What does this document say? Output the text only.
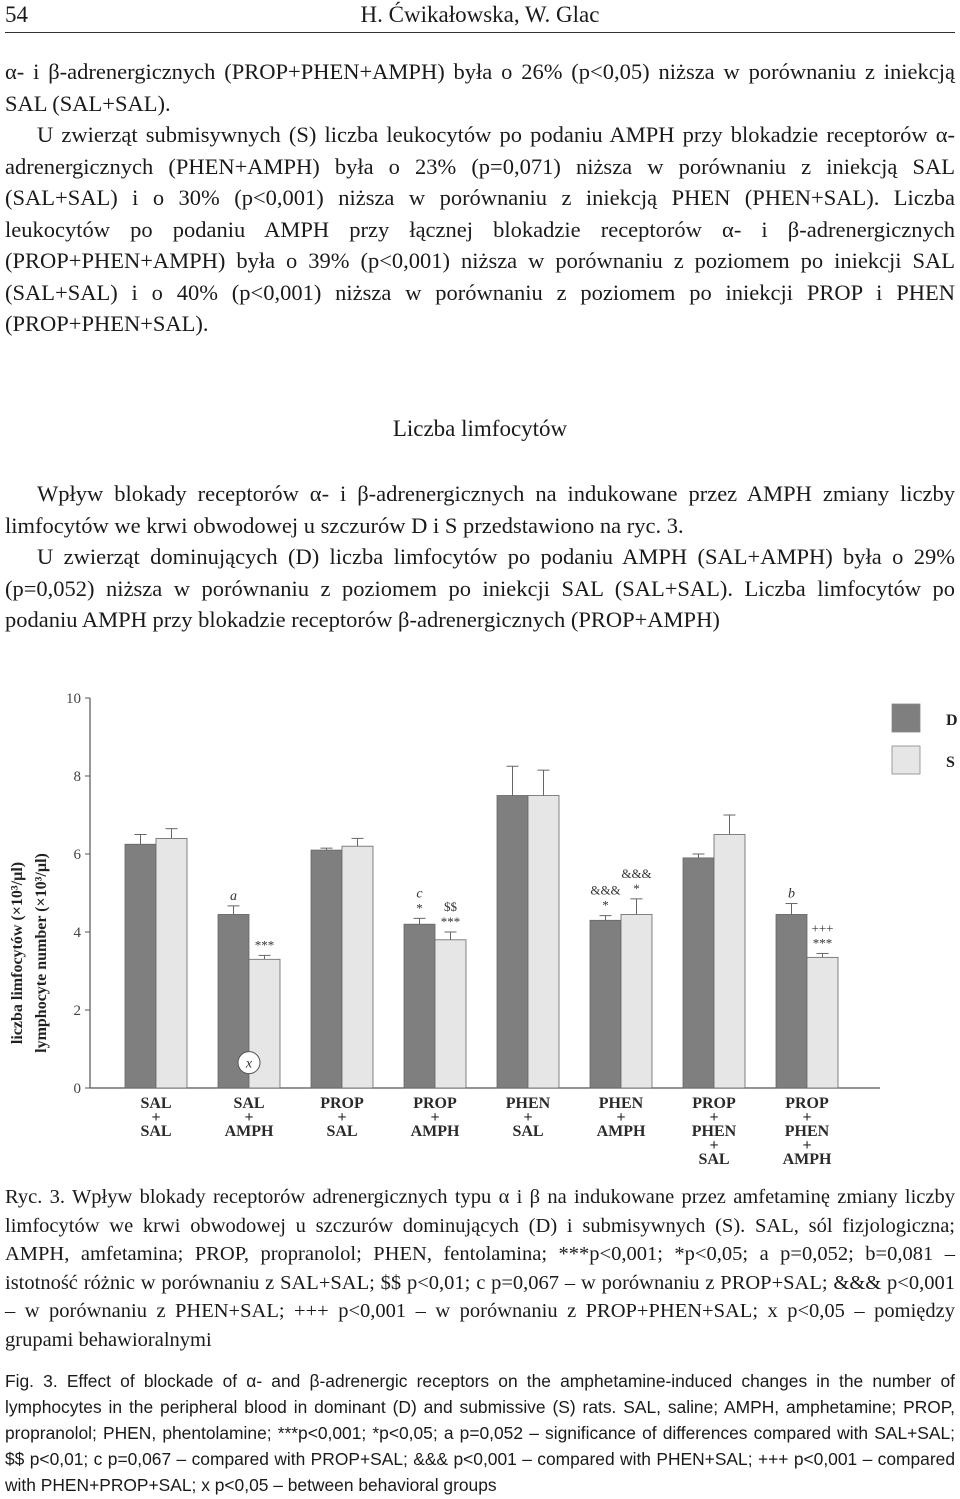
54	H. Ćwikałowska, W. Glac

α- i β-adrenergicznych (PROP+PHEN+AMPH) była o 26% (p<0,05) niższa w porównaniu z iniekcją SAL (SAL+SAL).

U zwierząt submisywnych (S) liczba leukocytów po podaniu AMPH przy blokadzie receptorów α-adrenergicznych (PHEN+AMPH) była o 23% (p=0,071) niższa w porównaniu z iniekcją SAL (SAL+SAL) i o 30% (p<0,001) niższa w porównaniu z iniekcją PHEN (PHEN+SAL). Liczba leukocytów po podaniu AMPH przy łącznej blokadzie receptorów α- i β-adrenergicznych (PROP+PHEN+AMPH) była o 39% (p<0,001) niższa w porównaniu z poziomem po iniekcji SAL (SAL+SAL) i o 40% (p<0,001) niższa w porównaniu z poziomem po iniekcji PROP i PHEN (PROP+PHEN+SAL).

Liczba limfocytów

Wpływ blokady receptorów α- i β-adrenergicznych na indukowane przez AMPH zmiany liczby limfocytów we krwi obwodowej u szczurów D i S przedstawiono na ryc. 3.

U zwierząt dominujących (D) liczba limfocytów po podaniu AMPH (SAL+AMPH) była o 29% (p=0,052) niższa w porównaniu z poziomem po iniekcji SAL (SAL+SAL). Liczba limfocytów po podaniu AMPH przy blokadzie receptorów β-adrenergicznych (PROP+AMPH)

0
2
4
6
8
10
liczba limfocytów (×10³/µl) lymphocyte number (×10³/µl)
SAL
+
SAL
a
***
SAL
+
AMPH
PROP
+
SAL
*
c
***
$$
PROP
+
AMPH
PHEN
+
SAL
*
&&& *
&&&
PHEN
+
AMPH
PROP
+
PHEN
+
SAL
b
***
+++
PROP
+
PHEN
+
AMPH
x
D
S

Ryc. 3. Wpływ blokady receptorów adrenergicznych typu α i β na indukowane przez amfetaminę zmiany liczby limfocytów we krwi obwodowej u szczurów dominujących (D) i submisywnych (S). SAL, sól fizjologiczna; AMPH, amfetamina; PROP, propranolol; PHEN, fentolamina; ***p<0,001; *p<0,05; a p=0,052; b=0,081 – istotność różnic w porównaniu z SAL+SAL; $$ p<0,01; c p=0,067 – w porównaniu z PROP+SAL; &&& p<0,001 – w porównaniu z PHEN+SAL; +++ p<0,001 – w porównaniu z PROP+PHEN+SAL; x p<0,05 – pomiędzy grupami behawioralnymi

Fig. 3. Effect of blockade of α- and β-adrenergic receptors on the amphetamine-induced changes in the number of lymphocytes in the peripheral blood in dominant (D) and submissive (S) rats. SAL, saline; AMPH, amphetamine; PROP, propranolol; PHEN, phentolamine; ***p<0,001; *p<0,05; a p=0,052 – significance of differences compared with SAL+SAL; $$ p<0,01; c p=0,067 – compared with PROP+SAL; &&& p<0,001 – compared with PHEN+SAL; +++ p<0,001 – compared with PHEN+PROP+SAL; x p<0,05 – between behavioral groups
